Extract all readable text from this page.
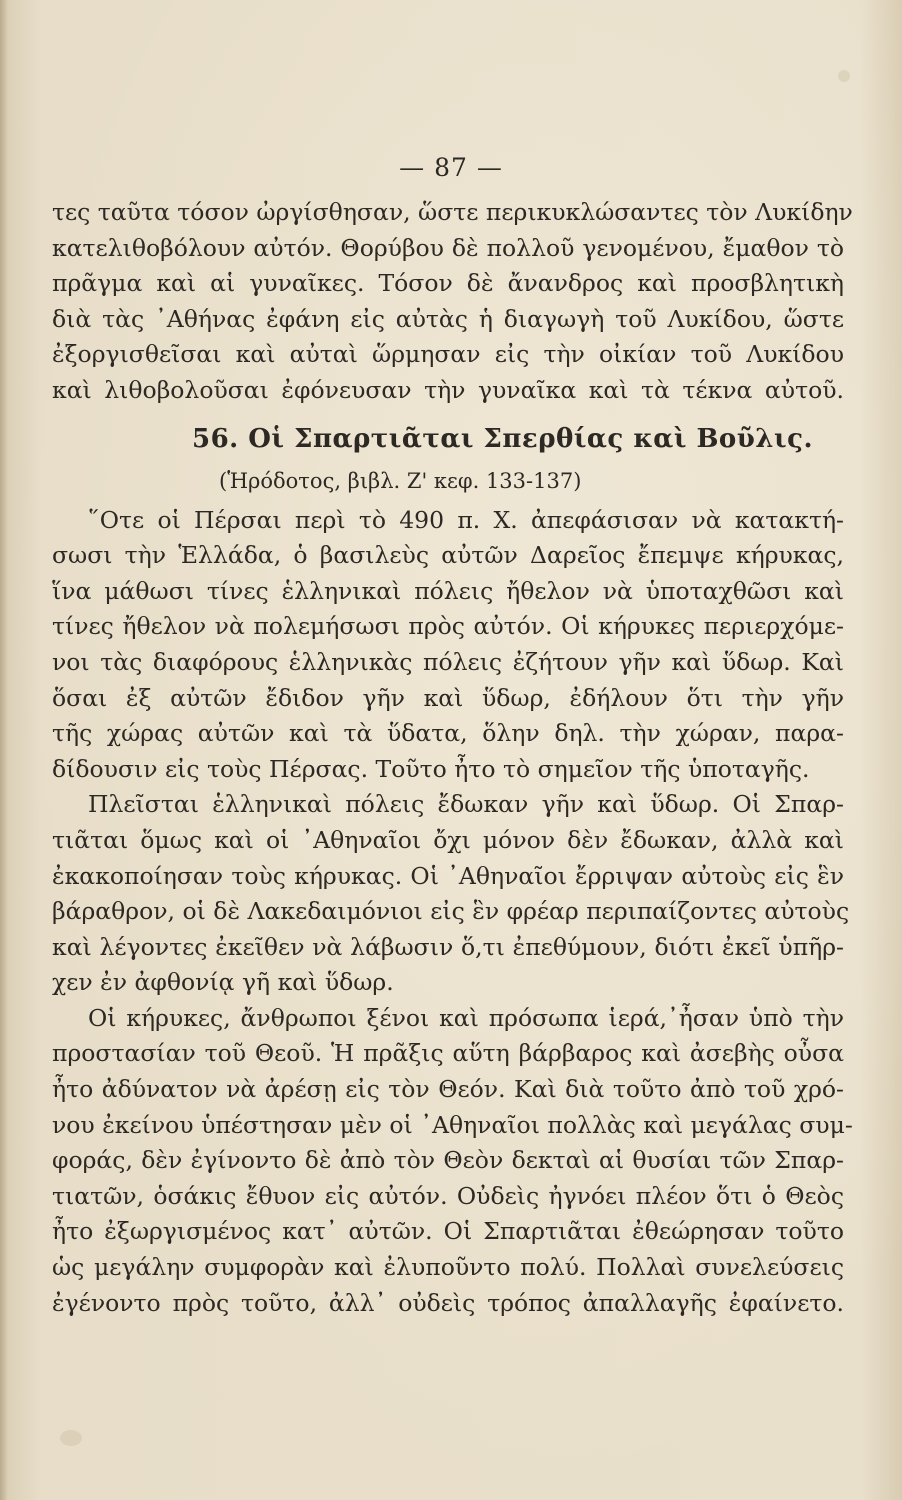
— 87 —
τες ταῦτα τόσον ὠργίσθησαν, ὥστε περικυκλώσαντες τὸν Λυκίδην
κατελιθοβόλουν αὐτόν. Θορύβου δὲ πολλοῦ γενομένου, ἔμαθον τὸ
πρᾶγμα καὶ αἱ γυναῖκες. Τόσον δὲ ἄνανδρος καὶ προσβλητικὴ
διὰ τὰς ᾽Αθήνας ἐφάνη εἰς αὐτὰς ἡ διαγωγὴ τοῦ Λυκίδου, ὥστε
ἐξοργισθεῖσαι καὶ αὐταὶ ὥρμησαν εἰς τὴν οἰκίαν τοῦ Λυκίδου
καὶ λιθοβολοῦσαι ἐφόνευσαν τὴν γυναῖκα καὶ τὰ τέκνα αὐτοῦ.
56. Οἱ Σπαρτιᾶται Σπερθίας καὶ Βοῦλις.
(Ἡρόδοτος, βιβλ. Ζ' κεφ. 133-137)
῞Οτε οἱ Πέρσαι περὶ τὸ 490 π. Χ. ἀπεφάσισαν νὰ κατακτή-
σωσι τὴν Ἑλλάδα, ὁ βασιλεὺς αὐτῶν Δαρεῖος ἔπεμψε κήρυκας,
ἵνα μάθωσι τίνες ἑλληνικαὶ πόλεις ἤθελον νὰ ὑποταχθῶσι καὶ
τίνες ἤθελον νὰ πολεμήσωσι πρὸς αὐτόν. Οἱ κήρυκες περιερχόμε-
νοι τὰς διαφόρους ἑλληνικὰς πόλεις ἐζήτουν γῆν καὶ ὕδωρ. Καὶ
ὅσαι ἐξ αὐτῶν ἔδιδον γῆν καὶ ὕδωρ, ἐδήλουν ὅτι τὴν γῆν
τῆς χώρας αὐτῶν καὶ τὰ ὕδατα, ὅλην δηλ. τὴν χώραν, παρα-
δίδουσιν εἰς τοὺς Πέρσας. Τοῦτο ἦτο τὸ σημεῖον τῆς ὑποταγῆς.
Πλεῖσται ἑλληνικαὶ πόλεις ἔδωκαν γῆν καὶ ὕδωρ. Οἱ Σπαρ-
τιᾶται ὅμως καὶ οἱ ᾽Αθηναῖοι ὄχι μόνον δὲν ἔδωκαν, ἀλλὰ καὶ
ἐκακοποίησαν τοὺς κήρυκας. Οἱ ᾽Αθηναῖοι ἔρριψαν αὐτοὺς εἰς ἓν
βάραθρον, οἱ δὲ Λακεδαιμόνιοι εἰς ἓν φρέαρ περιπαίζοντες αὐτοὺς
καὶ λέγοντες ἐκεῖθεν νὰ λάβωσιν ὅ,τι ἐπεθύμουν, διότι ἐκεῖ ὑπῆρ-
χεν ἐν ἀφθονίᾳ γῆ καὶ ὕδωρ.
Οἱ κήρυκες, ἄνθρωποι ξένοι καὶ πρόσωπα ἱερά,᾽ἦσαν ὑπὸ τὴν
προστασίαν τοῦ Θεοῦ. Ἡ πρᾶξις αὕτη βάρβαρος καὶ ἀσεβὴς οὖσα
ἦτο ἀδύνατον νὰ ἀρέσῃ εἰς τὸν Θεόν. Καὶ διὰ τοῦτο ἀπὸ τοῦ χρό-
νου ἐκείνου ὑπέστησαν μὲν οἱ ᾽Αθηναῖοι πολλὰς καὶ μεγάλας συμ-
φοράς, δὲν ἐγίνοντο δὲ ἀπὸ τὸν Θεὸν δεκταὶ αἱ θυσίαι τῶν Σπαρ-
τιατῶν, ὁσάκις ἔθυον εἰς αὐτόν. Οὐδεὶς ἠγνόει πλέον ὅτι ὁ Θεὸς
ἦτο ἐξωργισμένος κατ᾽ αὐτῶν. Οἱ Σπαρτιᾶται ἐθεώρησαν τοῦτο
ὡς μεγάλην συμφορὰν καὶ ἐλυποῦντο πολύ. Πολλαὶ συνελεύσεις
ἐγένοντο πρὸς τοῦτο, ἀλλ᾽ οὐδεὶς τρόπος ἀπαλλαγῆς ἐφαίνετο.
